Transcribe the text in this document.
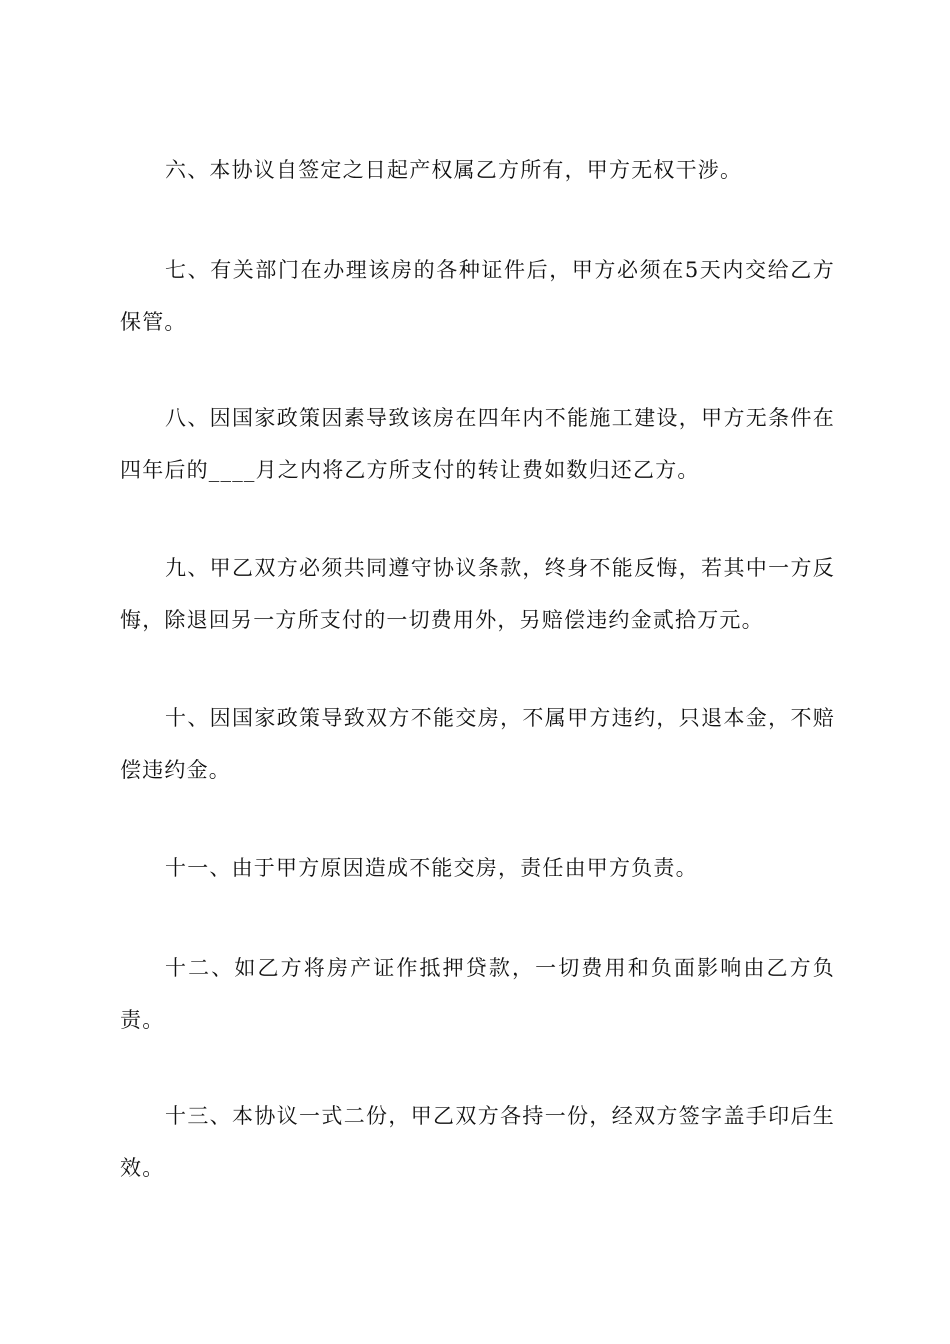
六、本协议自签定之日起产权属乙方所有，甲方无权干涉。

七、有关部门在办理该房的各种证件后，甲方必须在5天内交给乙方保管。

八、因国家政策因素导致该房在四年内不能施工建设，甲方无条件在四年后的____月之内将乙方所支付的转让费如数归还乙方。

九、甲乙双方必须共同遵守协议条款，终身不能反悔，若其中一方反悔，除退回另一方所支付的一切费用外，另赔偿违约金贰拾万元。

十、因国家政策导致双方不能交房，不属甲方违约，只退本金，不赔偿违约金。

十一、由于甲方原因造成不能交房，责任由甲方负责。

十二、如乙方将房产证作抵押贷款，一切费用和负面影响由乙方负责。

十三、本协议一式二份，甲乙双方各持一份，经双方签字盖手印后生效。
